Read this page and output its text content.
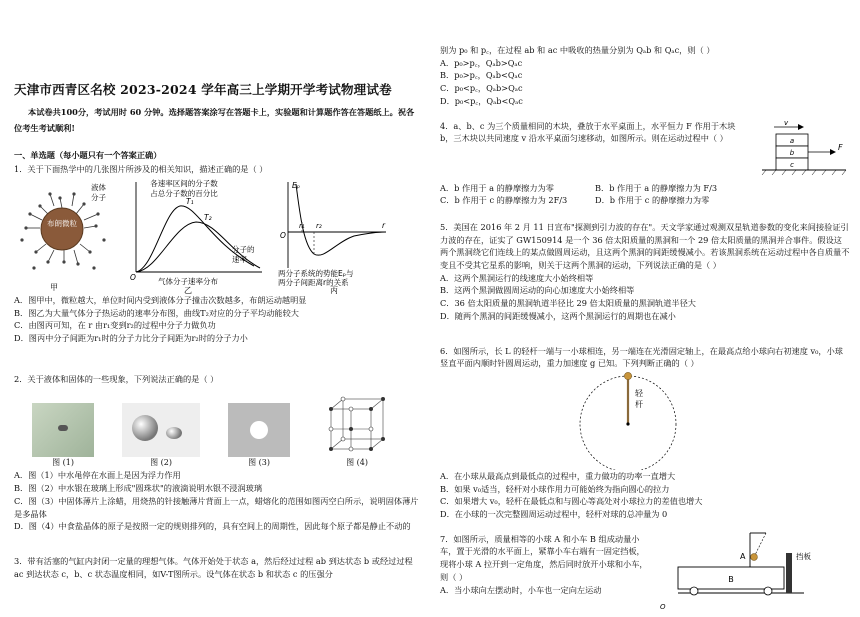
天津市西青区名校 2023-2024 学年高三上学期开学考试物理试卷

本试卷共100分，考试用时 60 分钟。选择题答案涂写在答题卡上，实验题和计算题作答在答题纸上。祝各位考生考试顺利!

一、单选题（每小题只有一个答案正确）

1．关于下面热学中的几张图片所涉及的相关知识，描述正确的是（ ）

布朗微粒
液体
分子
甲
各速率区间的分子数
占总分子数的百分比
T₁
T₂
O
分子的
速率
气体分子速率分布
乙
Eₚ
r₁ r₂	r
O
两分子系统的势能Eₚ与
两分子间距离r的关系
丙

A．图甲中，微粒越大，单位时间内受到液体分子撞击次数越多，布朗运动越明显

B．图乙为大量气体分子热运动的速率分布图，曲线T₂对应的分子平均动能较大

C．由图丙可知，在 r 由r₁变到r₂的过程中分子力做负功

D．图丙中分子间距为r₁时的分子力比分子间距为r₂时的分子力小

2．关于液体和固体的一些现象，下列说法正确的是（ ）

图 (1)	图 (2)	图 (3)	图 (4)

A．图（1）中水黾停在水面上是因为浮力作用

B．图（2）中水银在玻璃上形成"圆珠状"的液滴说明水银不浸润玻璃

C．图（3）中固体薄片上涂蜡，用烧热的针接触薄片背面上一点，蜡熔化的范围如图丙空白所示，说明固体薄片是多晶体

D．图（4）中食盐晶体的原子是按照一定的规则排列的，具有空间上的周期性，因此每个原子都是静止不动的

3．带有活塞的气缸内封闭一定量的理想气体。气体开始处于状态 a，然后经过过程 ab 到达状态 b 或经过过程 ac 到达状态 c，b、c 状态温度相同，如V-T图所示。设气体在状态 b 和状态 c 的压强分

别为 p₀ 和 p꜀，在过程 ab 和 ac 中吸收的热量分别为 Qₐb 和 Qₐc，则（ ）

A．p₀>p꜀，Qₐb>Qₐc

B．p₀>p꜀，Qₐb<Qₐc

C．p₀<p꜀，Qₐb>Qₐc

D．p₀<p꜀，Qₐb<Qₐc

4．a、b、c 为三个质量相同的木块，叠放于水平桌面上，水平恒力 F 作用于木块 b，三木块以共同速度 v 沿水平桌面匀速移动，如图所示。则在运动过程中（ ）

v
a
b
c
F

A．b 作用于 a 的静摩擦力为零	B．b 作用于 a 的静摩擦力为 F/3

C．b 作用于 c 的静摩擦力为 2F/3	D．b 作用于 c 的静摩擦力为零

5．美国在 2016 年 2 月 11 日宣布"探测到引力波的存在"。天文学家通过观测双星轨道参数的变化来间接验证引力波的存在，证实了 GW150914 是一个 36 倍太阳质量的黑洞和一个 29 倍太阳质量的黑洞并合事件。假设这两个黑洞绕它们连线上的某点做圆周运动，且这两个黑洞的间距缓慢减小。若该黑洞系统在运动过程中各自质量不变且不受其它星系的影响，则关于这两个黑洞的运动，下列说法正确的是（ ）

A．这两个黑洞运行的线速度大小始终相等

B．这两个黑洞做圆周运动的向心加速度大小始终相等

C．36 倍太阳质量的黑洞轨道半径比 29 倍太阳质量的黑洞轨道半径大

D．随两个黑洞的间距缓慢减小，这两个黑洞运行的周期也在减小

6．如图所示，长 L 的轻杆一端与一小球相连，另一端连在光滑固定轴上，在最高点给小球向右初速度 v₀，小球竖直平面内顺时针圆周运动，重力加速度 g 已知。下列判断正确的（ ）

轻
杆

A．在小球从最高点到最低点的过程中，重力做功的功率一直增大

B．如果 v₀适当，轻杆对小球作用力可能始终为指向圆心的拉力

C．如果增大 v₀，轻杆在最低点和与圆心等高处对小球拉力的差值也增大

D．在小球的一次完整圆周运动过程中，轻杆对球的总冲量为 0

7．如图所示，质量相等的小球 A 和小车 B 组成动量小车，置于光滑的水平面上，紧靠小车右端有一固定挡板，现将小球 A 拉开到一定角度，然后同时放开小球和小车，则（ ）

A．当小球向左摆动时，小车也一定向左运动

B
A	挡板
O
